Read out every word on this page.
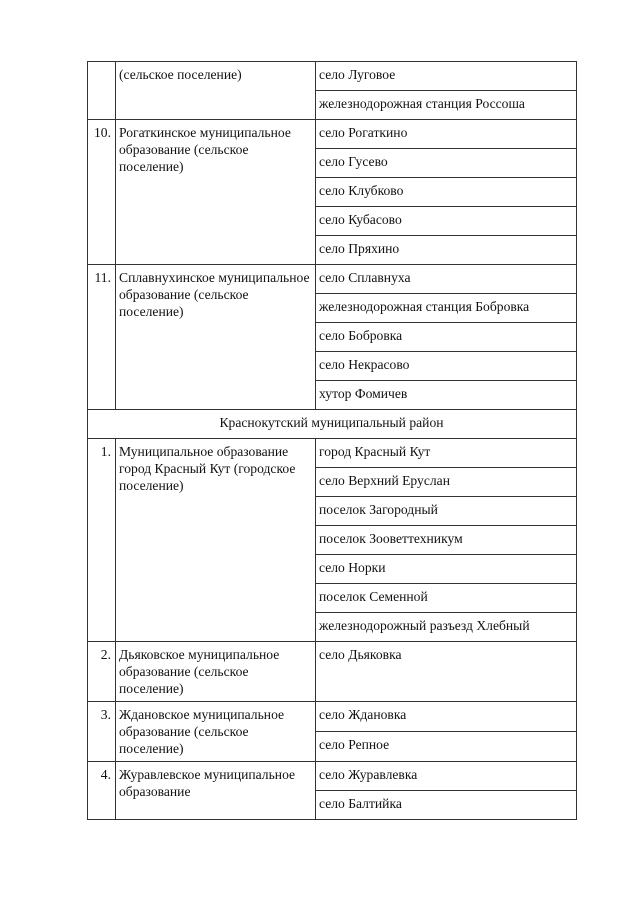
	(сельское поселение)	село Луговое
		железнодорожная станция Россоша
10.	Рогаткинское муниципальное образование (сельское поселение)	село Рогаткино
		село Гусево
		село Клубково
		село Кубасово
		село Пряхино
11.	Сплавнухинское муниципальное образование (сельское поселение)	село Сплавнуха
		железнодорожная станция Бобровка
		село Бобровка
		село Некрасово
		хутор Фомичев
Краснокутский муниципальный район		
1.	Муниципальное образование город Красный Кут (городское поселение)	город Красный Кут
		село Верхний Еруслан
		поселок Загородный
		поселок Зооветтехникум
		село Норки
		поселок Семенной
		железнодорожный разъезд Хлебный
2.	Дьяковское муниципальное образование (сельское поселение)	село Дьяковка
3.	Ждановское муниципальное образование (сельское поселение)	село Ждановка
		село Репное
4.	Журавлевское муниципальное образование	село Журавлевка
		село Балтийка
